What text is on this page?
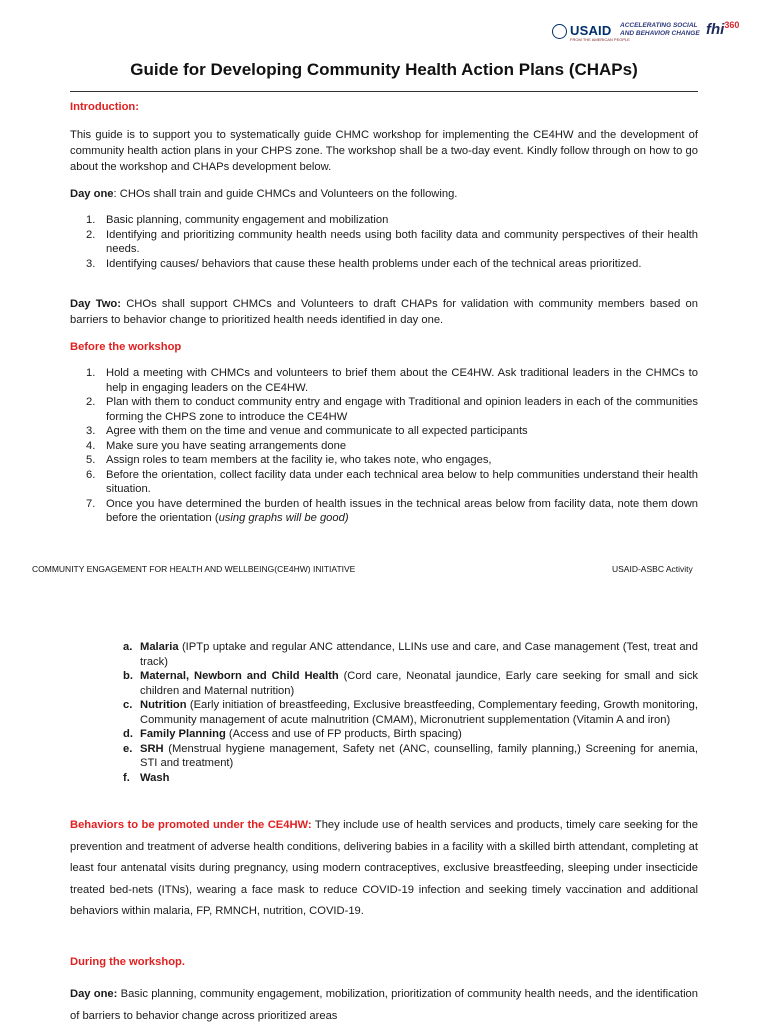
USAID
FROM THE AMERICAN PEOPLE
ACCELERATING SOCIAL
AND BEHAVIOR CHANGE fhi$^{360}$
Guide for Developing Community Health Action Plans (CHAPs)
Introduction:
This guide is to support you to systematically guide CHMC workshop for implementing the CE4HW and the development of community health action plans in your CHPS zone. The workshop shall be a two-day event. Kindly follow through on how to go about the workshop and CHAPs development below.
Day one: CHOs shall train and guide CHMCs and Volunteers on the following.
1. Basic planning, community engagement and mobilization
2. Identifying and prioritizing community health needs using both facility data and community perspectives of their health needs.
3. Identifying causes/ behaviors that cause these health problems under each of the technical areas prioritized.
Day Two: CHOs shall support CHMCs and Volunteers to draft CHAPs for validation with community members based on barriers to behavior change to prioritized health needs identified in day one.
Before the workshop
1. Hold a meeting with CHMCs and volunteers to brief them about the CE4HW. Ask traditional leaders in the CHMCs to help in engaging leaders on the CE4HW.
2. Plan with them to conduct community entry and engage with Traditional and opinion leaders in each of the communities forming the CHPS zone to introduce the CE4HW
3. Agree with them on the time and venue and communicate to all expected participants
4. Make sure you have seating arrangements done
5. Assign roles to team members at the facility ie, who takes note, who engages,
6. Before the orientation, collect facility data under each technical area below to help communities understand their health situation.
7. Once you have determined the burden of health issues in the technical areas below from facility data, note them down before the orientation (using graphs will be good)
COMMUNITY ENGAGEMENT FOR HEALTH AND WELLBEING(CE4HW) INITIATIVE	USAID-ASBC Activity
a. Malaria (IPTp uptake and regular ANC attendance, LLINs use and care, and Case management (Test, treat and track)
b. Maternal, Newborn and Child Health (Cord care, Neonatal jaundice, Early care seeking for small and sick children and Maternal nutrition)
c. Nutrition (Early initiation of breastfeeding, Exclusive breastfeeding, Complementary feeding, Growth monitoring, Community management of acute malnutrition (CMAM), Micronutrient supplementation (Vitamin A and iron)
d. Family Planning (Access and use of FP products, Birth spacing)
e. SRH (Menstrual hygiene management, Safety net (ANC, counselling, family planning,) Screening for anemia, STI and treatment)
f. Wash
Behaviors to be promoted under the CE4HW: They include use of health services and products, timely care seeking for the prevention and treatment of adverse health conditions, delivering babies in a facility with a skilled birth attendant, completing at least four antenatal visits during pregnancy, using modern contraceptives, exclusive breastfeeding, sleeping under insecticide treated bed-nets (ITNs), wearing a face mask to reduce COVID-19 infection and seeking timely vaccination and additional behaviors within malaria, FP, RMNCH, nutrition, COVID-19.
During the workshop.
Day one: Basic planning, community engagement, mobilization, prioritization of community health needs, and the identification of barriers to behavior change across prioritized areas
